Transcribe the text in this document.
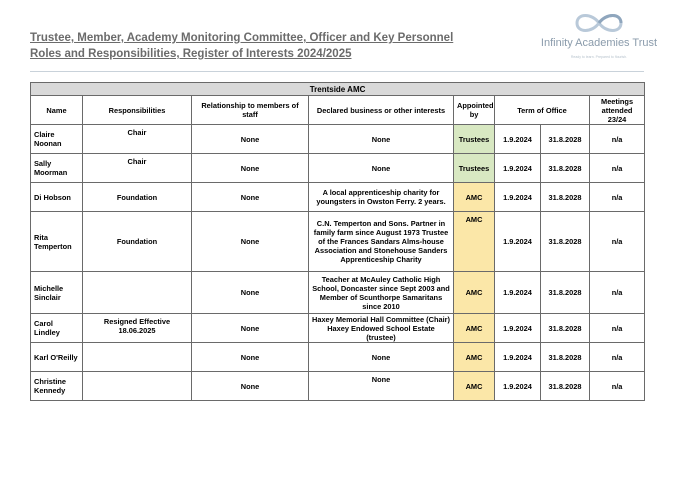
Trustee, Member, Academy Monitoring Committee, Officer and Key Personnel
Roles and Responsibilities, Register of Interests 2024/2025
Infinity Academies Trust
Ready to learn. Prepared to flourish.
Trentside AMC							
Name	Responsibilities	Relationship to members of staff	Declared business or other interests	Appointed by	Term of Office		Meetings attended 23/24
Claire Noonan	Chair	None	None	Trustees	1.9.2024	31.8.2028	n/a
Sally Moorman	Chair	None	None	Trustees	1.9.2024	31.8.2028	n/a
Di Hobson	Foundation	None	A local apprenticeship charity for youngsters in Owston Ferry. 2 years.	AMC	1.9.2024	31.8.2028	n/a
Rita Temperton	Foundation	None	C.N. Temperton and Sons. Partner in family farm since August 1973 Trustee of the Frances Sandars Alms-house Association and Stonehouse Sanders Apprenticeship Charity	AMC	1.9.2024	31.8.2028	n/a
Michelle Sinclair		None	Teacher at McAuley Catholic High School, Doncaster since Sept 2003 and Member of Scunthorpe Samaritans since 2010	AMC	1.9.2024	31.8.2028	n/a
Carol Lindley	Resigned Effective 18.06.2025	None	Haxey Memorial Hall Committee (Chair) Haxey Endowed School Estate (trustee)	AMC	1.9.2024	31.8.2028	n/a
Karl O'Reilly		None	None	AMC	1.9.2024	31.8.2028	n/a
Christine Kennedy		None	None	AMC	1.9.2024	31.8.2028	n/a
